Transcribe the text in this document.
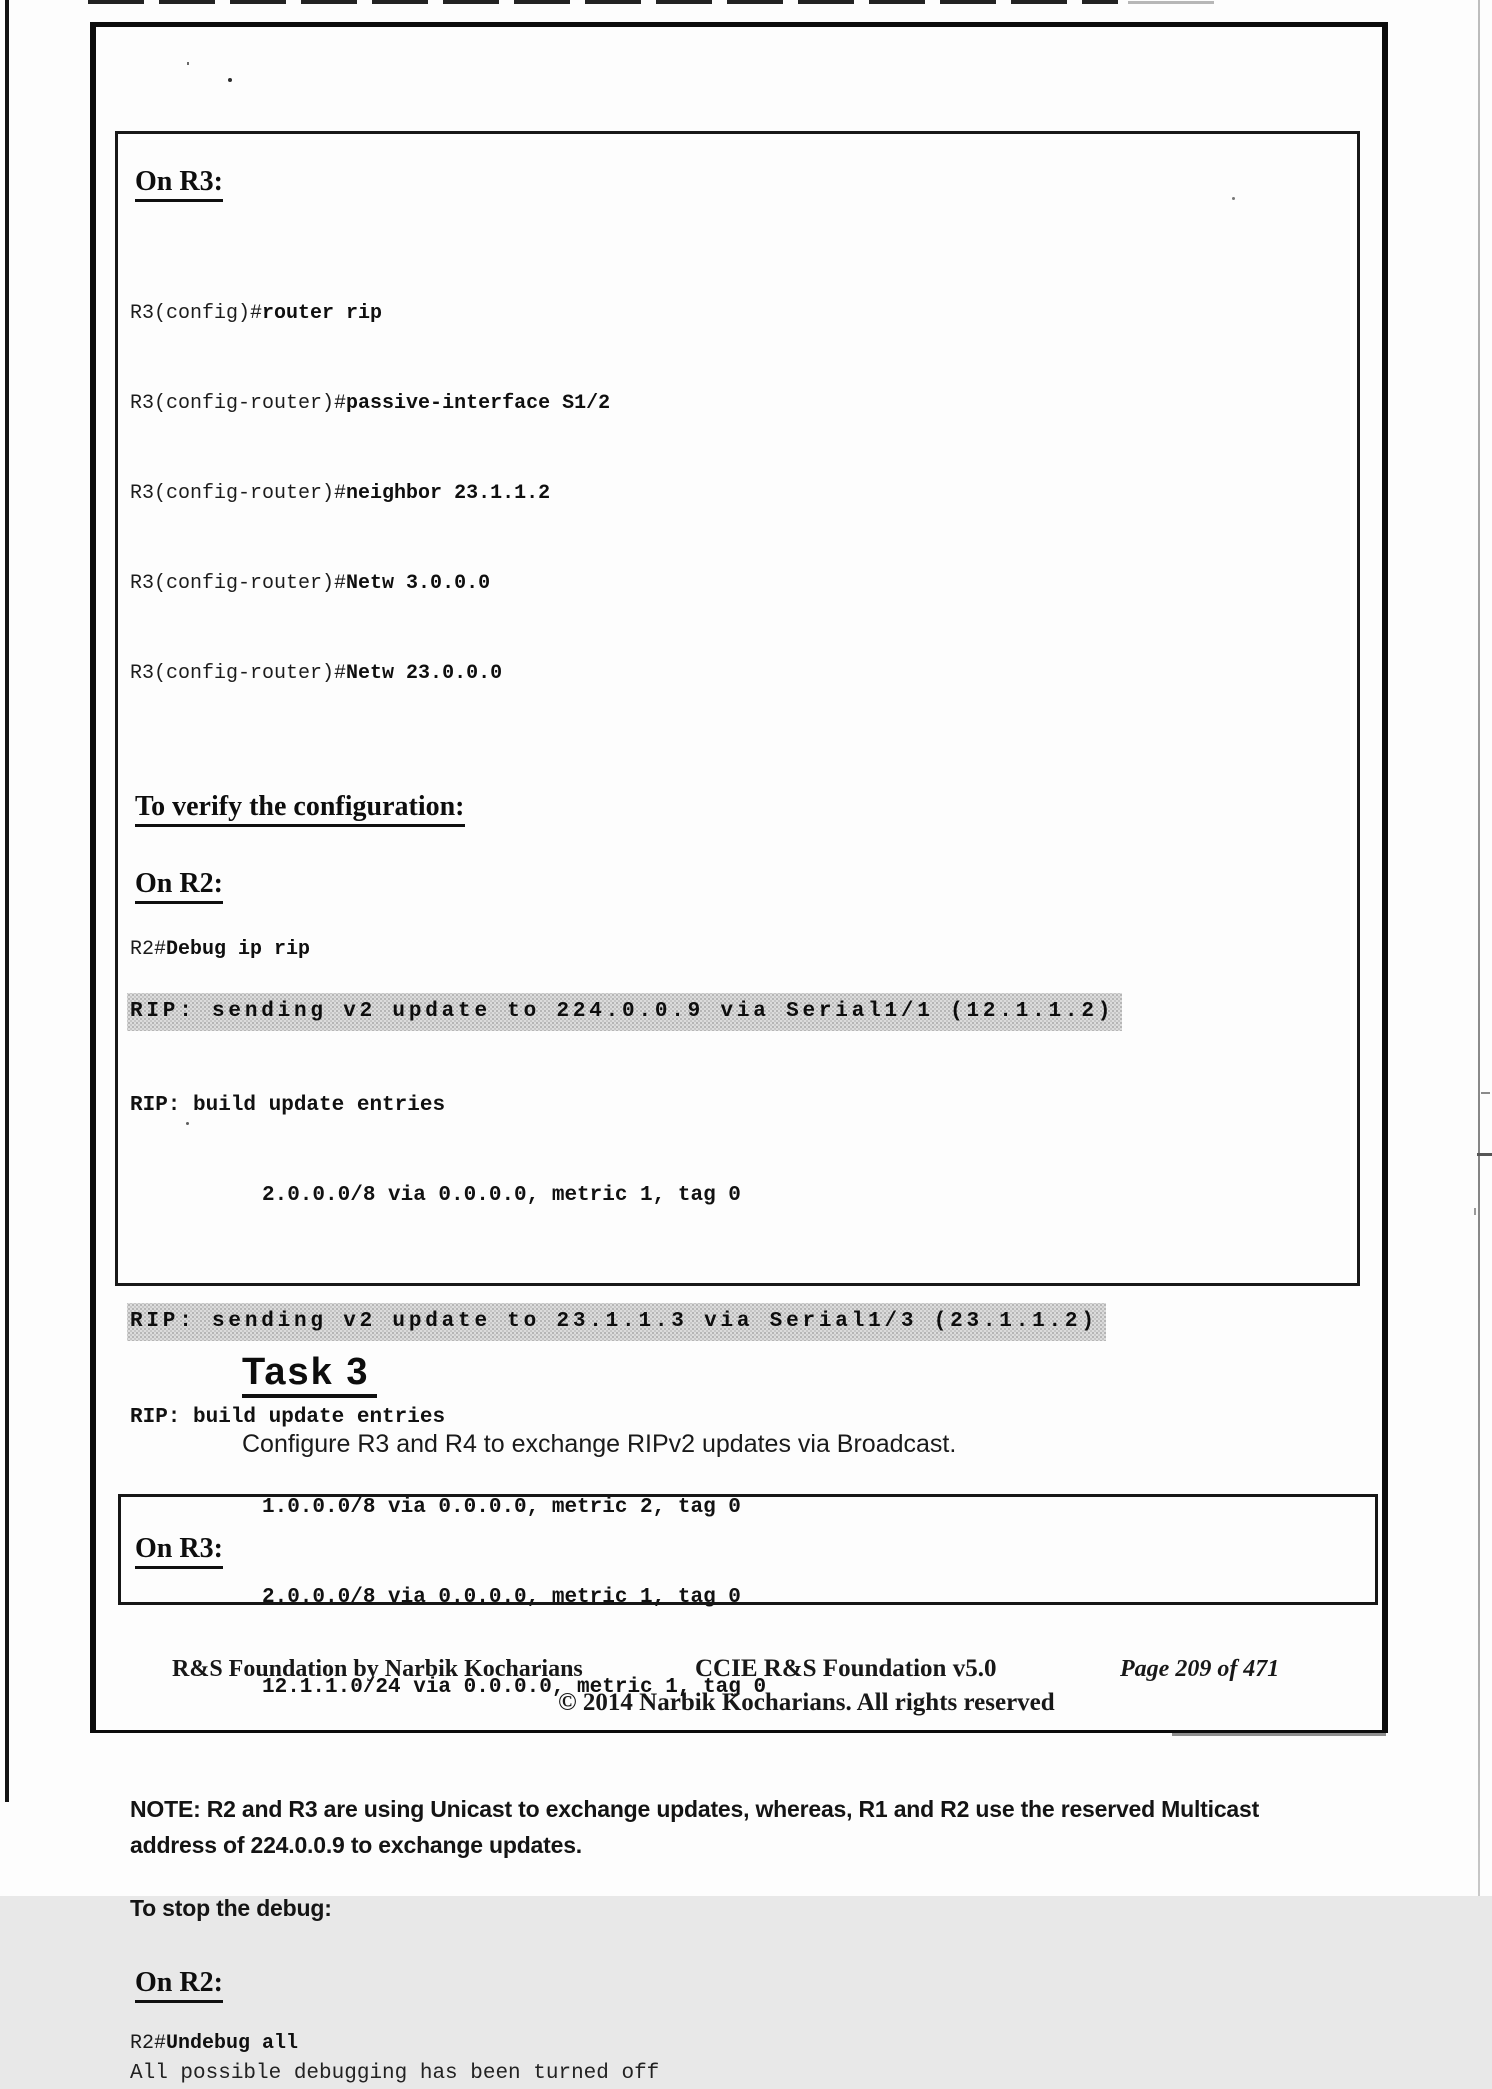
On R3:

R3(config)#router rip

R3(config-router)#passive-interface S1/2

R3(config-router)#neighbor 23.1.1.2

R3(config-router)#Netw 3.0.0.0

R3(config-router)#Netw 23.0.0.0

To verify the configuration:
On R2:
R2#Debug ip rip
RIP: sending v2 update to 224.0.0.9 via Serial1/1 (12.1.1.2)

RIP: build update entries

2.0.0.0/8 via 0.0.0.0, metric 1, tag 0

RIP: sending v2 update to 23.1.1.3 via Serial1/3 (23.1.1.2)

RIP: build update entries

1.0.0.0/8 via 0.0.0.0, metric 2, tag 0

2.0.0.0/8 via 0.0.0.0, metric 1, tag 0

12.1.1.0/24 via 0.0.0.0, metric 1, tag 0

NOTE: R2 and R3 are using Unicast to exchange updates, whereas, R1 and R2 use the reserved Multicast
address of 224.0.0.9 to exchange updates.
To stop the debug:
On R2:
R2#Undebug all
All possible debugging has been turned off
Task 3
Configure R3 and R4 to exchange RIPv2 updates via Broadcast.
On R3:
R&S Foundation by Narbik Kocharians	CCIE R&S Foundation v5.0	Page 209 of 471
© 2014 Narbik Kocharians. All rights reserved
